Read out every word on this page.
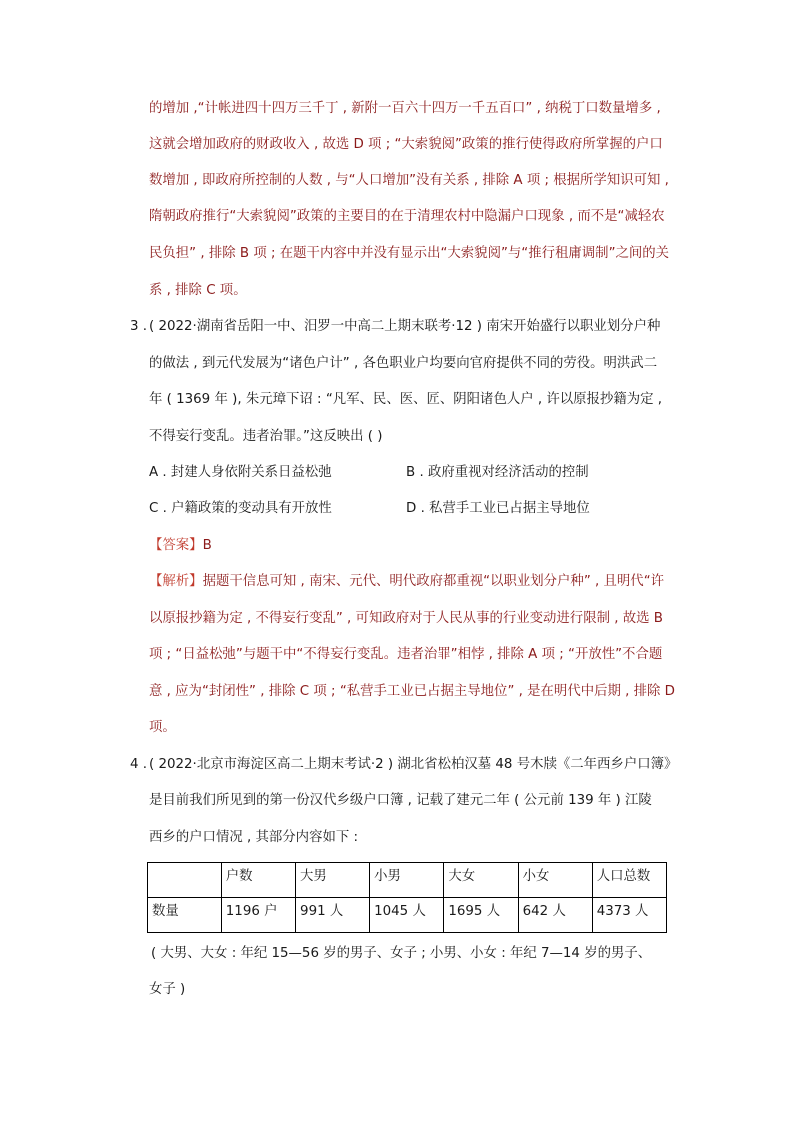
的增加 ,“计帐进四十四万三千丁 , 新附一百六十四万一千五百口” , 纳税丁口数量增多 ,
这就会增加政府的财政收入 , 故选 D 项 ; “大索貌阅”政策的推行使得政府所掌握的户口
数增加 , 即政府所控制的人数 , 与“人口增加”没有关系 , 排除 A 项 ; 根据所学知识可知 ,
隋朝政府推行“大索貌阅”政策的主要目的在于清理农村中隐漏户口现象 , 而不是“减轻农
民负担” , 排除 B 项 ; 在题干内容中并没有显示出“大索貌阅”与“推行租庸调制”之间的关
系 , 排除 C 项。
3 . ( 2022·湖南省岳阳一中、汨罗一中高二上期末联考·12 ) 南宋开始盛行以职业划分户种
的做法 , 到元代发展为“诸色户计” , 各色职业户均要向官府提供不同的劳役。明洪武二
年 ( 1369 年 ), 朱元璋下诏 : “凡军、民、医、匠、阴阳诸色人户 , 许以原报抄籍为定 ,
不得妄行变乱。违者治罪。”这反映出 ( )
A . 封建人身依附关系日益松弛	B . 政府重视对经济活动的控制
C . 户籍政策的变动具有开放性	D . 私营手工业已占据主导地位
【答案】B
【解析】据题干信息可知 , 南宋、元代、明代政府都重视“以职业划分户种” , 且明代“许
以原报抄籍为定 , 不得妄行变乱” , 可知政府对于人民从事的行业变动进行限制 , 故选 B
项 ; “日益松弛”与题干中“不得妄行变乱。违者治罪”相悖 , 排除 A 项 ; “开放性”不合题
意 , 应为“封闭性” , 排除 C 项 ; “私营手工业已占据主导地位” , 是在明代中后期 , 排除 D
项。
4 . ( 2022·北京市海淀区高二上期末考试·2 ) 湖北省松柏汉墓 48 号木牍《二年西乡户口簿》
是目前我们所见到的第一份汉代乡级户口簿 , 记载了建元二年 ( 公元前 139 年 ) 江陵
西乡的户口情况 , 其部分内容如下 :
	户数	大男	小男	大女	小女	人口总数
数量	1196 户	991 人	1045 人	1695 人	642 人	4373 人
( 大男、大女 : 年纪 15—56 岁的男子、女子 ; 小男、小女 : 年纪 7—14 岁的男子、
女子 )
